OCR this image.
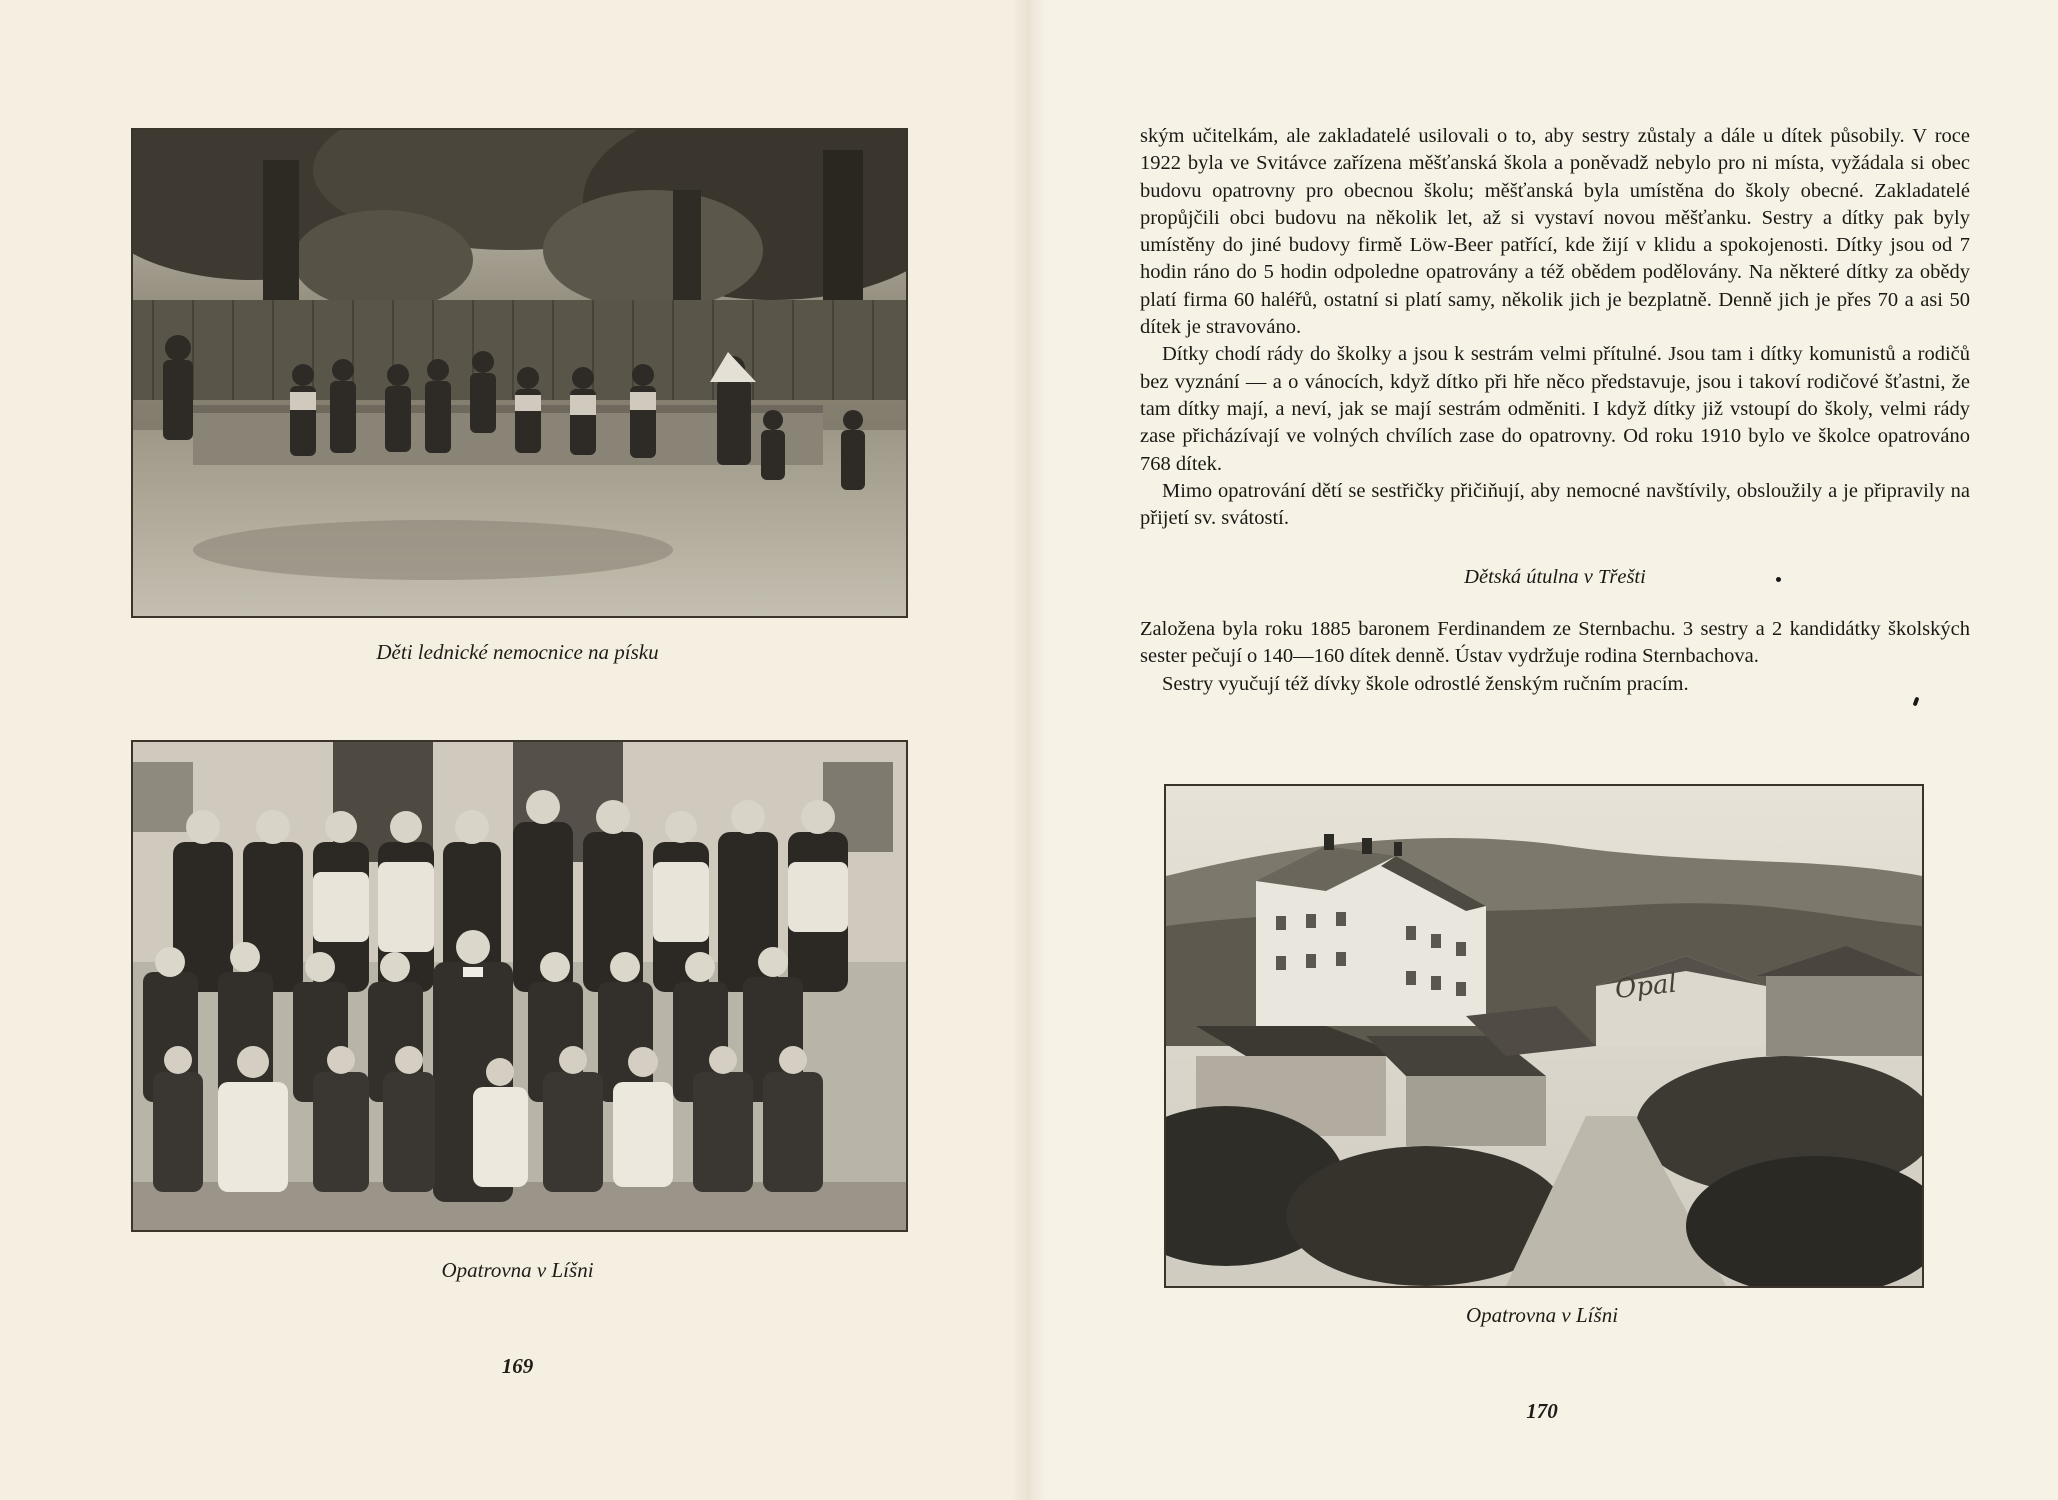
Děti lednické nemocnice na písku
Opatrovna v Líšni
169

ským učitelkám, ale zakladatelé usilovali o to, aby sestry zůstaly a dále u dítek působily. V roce 1922 byla ve Svitávce zařízena měšťanská škola a poněvadž nebylo pro ni místa, vyžádala si obec budovu opatrovny pro obecnou školu; měšťanská byla umístěna do školy obecné. Zakladatelé propůjčili obci budovu na několik let, až si vystaví novou měšťanku. Sestry a dítky pak byly umístěny do jiné budovy firmě Löw-Beer patřící, kde žijí v klidu a spokojenosti. Dítky jsou od 7 hodin ráno do 5 hodin odpoledne opatrovány a též obědem podělovány. Na některé dítky za obědy platí firma 60 haléřů, ostatní si platí samy, několik jich je bezplatně. Denně jich je přes 70 a asi 50 dítek je stravováno.

Dítky chodí rády do školky a jsou k sestrám velmi přítulné. Jsou tam i dítky komunistů a rodičů bez vyznání — a o vánocích, když dítko při hře něco představuje, jsou i takoví rodičové šťastni, že tam dítky mají, a neví, jak se mají sestrám odměniti. I když dítky již vstoupí do školy, velmi rády zase přicházívají ve volných chvílích zase do opatrovny. Od roku 1910 bylo ve školce opatrováno 768 dítek.

Mimo opatrování dětí se sestřičky přičiňují, aby nemocné navštívily, obsloužily a je připravily na přijetí sv. svátostí.

Dětská útulna v Třešti

Založena byla roku 1885 baronem Ferdinandem ze Sternbachu. 3 sestry a 2 kandidátky školských sester pečují o 140—160 dítek denně. Ústav vydržuje rodina Sternbachova.

Sestry vyučují též dívky škole odrostlé ženským ručním pracím.

Opal
Opatrovna v Líšni
170
